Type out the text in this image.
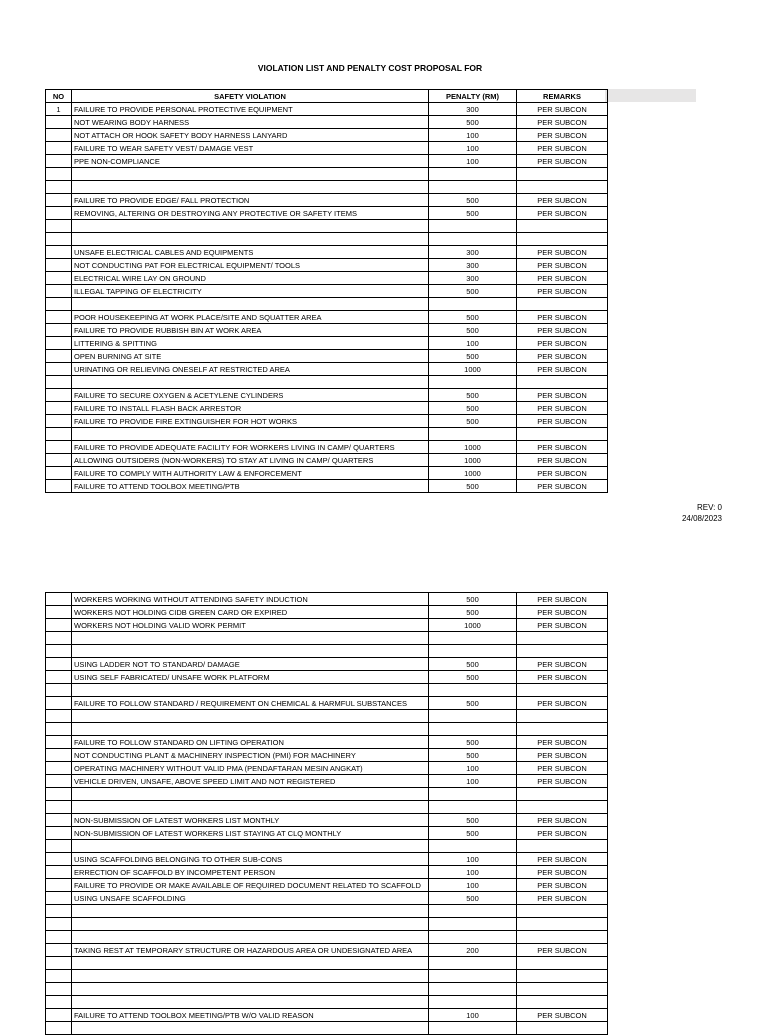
VIOLATION LIST AND PENALTY COST PROPOSAL FOR
NO	SAFETY VIOLATION	PENALTY (RM)	REMARKS
1	FAILURE TO PROVIDE PERSONAL PROTECTIVE EQUIPMENT	300	PER SUBCON
	NOT WEARING BODY HARNESS	500	PER SUBCON
	NOT ATTACH OR HOOK SAFETY BODY HARNESS LANYARD	100	PER SUBCON
	FAILURE TO WEAR SAFETY VEST/ DAMAGE VEST	100	PER SUBCON
	PPE NON-COMPLIANCE	100	PER SUBCON

	FAILURE TO PROVIDE EDGE/ FALL PROTECTION	500	PER SUBCON
	REMOVING, ALTERING OR DESTROYING ANY PROTECTIVE OR SAFETY ITEMS	500	PER SUBCON

	UNSAFE ELECTRICAL CABLES AND EQUIPMENTS	300	PER SUBCON
	NOT CONDUCTING PAT FOR ELECTRICAL EQUIPMENT/ TOOLS	300	PER SUBCON
	ELECTRICAL WIRE LAY ON GROUND	300	PER SUBCON
	ILLEGAL TAPPING OF ELECTRICITY	500	PER SUBCON

	POOR HOUSEKEEPING AT WORK PLACE/SITE AND SQUATTER AREA	500	PER SUBCON
	FAILURE TO PROVIDE RUBBISH BIN AT WORK AREA	500	PER SUBCON
	LITTERING & SPITTING	100	PER SUBCON
	OPEN BURNING AT SITE	500	PER SUBCON
	URINATING OR RELIEVING ONESELF AT RESTRICTED AREA	1000	PER SUBCON

	FAILURE TO SECURE OXYGEN & ACETYLENE CYLINDERS	500	PER SUBCON
	FAILURE TO INSTALL FLASH BACK ARRESTOR	500	PER SUBCON
	FAILURE TO PROVIDE FIRE EXTINGUISHER FOR HOT WORKS	500	PER SUBCON

	FAILURE TO PROVIDE ADEQUATE FACILITY FOR WORKERS LIVING IN CAMP/ QUARTERS	1000	PER SUBCON
	ALLOWING OUTSIDERS (NON-WORKERS) TO STAY AT LIVING IN CAMP/ QUARTERS	1000	PER SUBCON
	FAILURE TO COMPLY WITH AUTHORITY LAW & ENFORCEMENT	1000	PER SUBCON
	FAILURE TO ATTEND TOOLBOX MEETING/PTB	500	PER SUBCON
REV: 0
24/08/2023
	WORKERS WORKING WITHOUT ATTENDING SAFETY INDUCTION	500	PER SUBCON
	WORKERS NOT HOLDING CIDB GREEN CARD OR EXPIRED	500	PER SUBCON
	WORKERS NOT HOLDING VALID WORK PERMIT	1000	PER SUBCON

	USING LADDER NOT TO STANDARD/ DAMAGE	500	PER SUBCON
	USING SELF FABRICATED/ UNSAFE WORK PLATFORM	500	PER SUBCON

	FAILURE TO FOLLOW STANDARD / REQUIREMENT ON CHEMICAL & HARMFUL SUBSTANCES	500	PER SUBCON

	FAILURE TO FOLLOW STANDARD ON LIFTING OPERATION	500	PER SUBCON
	NOT CONDUCTING PLANT & MACHINERY INSPECTION (PMI) FOR MACHINERY	500	PER SUBCON
	OPERATING MACHINERY WITHOUT VALID PMA (PENDAFTARAN MESIN ANGKAT)	100	PER SUBCON
	VEHICLE DRIVEN, UNSAFE, ABOVE SPEED LIMIT AND NOT REGISTERED	100	PER SUBCON

	NON-SUBMISSION OF LATEST WORKERS LIST MONTHLY	500	PER SUBCON
	NON-SUBMISSION OF LATEST WORKERS LIST STAYING AT CLQ MONTHLY	500	PER SUBCON

	USING SCAFFOLDING BELONGING TO OTHER SUB-CONS	100	PER SUBCON
	ERRECTION OF SCAFFOLD BY INCOMPETENT PERSON	100	PER SUBCON
	FAILURE TO PROVIDE OR MAKE AVAILABLE OF REQUIRED DOCUMENT RELATED TO SCAFFOLD	100	PER SUBCON
	USING UNSAFE SCAFFOLDING	500	PER SUBCON

	TAKING REST AT TEMPORARY STRUCTURE OR HAZARDOUS AREA OR UNDESIGNATED AREA	200	PER SUBCON

	FAILURE TO ATTEND TOOLBOX MEETING/PTB W/O VALID REASON	100	PER SUBCON
